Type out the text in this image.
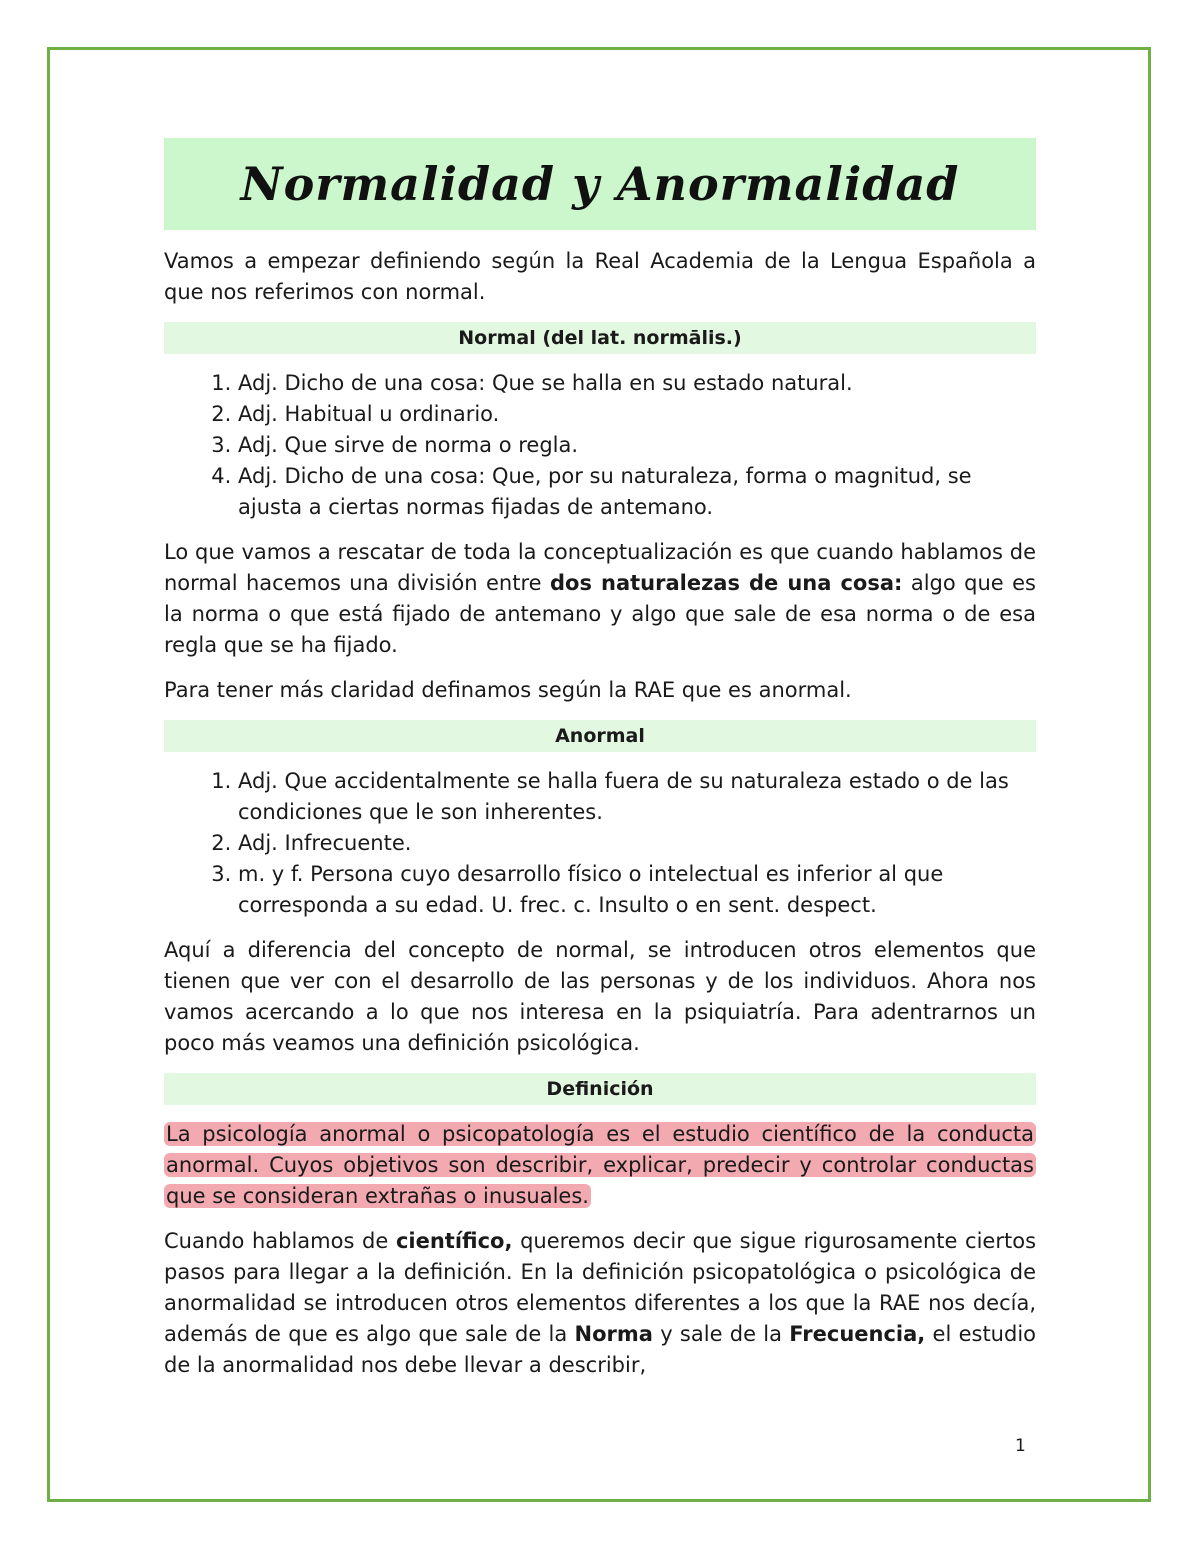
Normalidad y Anormalidad

Vamos a empezar definiendo según la Real Academia de la Lengua Española a que nos referimos con normal.

Normal (del lat. normālis.)
1. Adj. Dicho de una cosa: Que se halla en su estado natural.
2. Adj. Habitual u ordinario.
3. Adj. Que sirve de norma o regla.
4. Adj. Dicho de una cosa: Que, por su naturaleza, forma o magnitud, se ajusta a ciertas normas fijadas de antemano.

Lo que vamos a rescatar de toda la conceptualización es que cuando hablamos de normal hacemos una división entre dos naturalezas de una cosa: algo que es la norma o que está fijado de antemano y algo que sale de esa norma o de esa regla que se ha fijado.

Para tener más claridad definamos según la RAE que es anormal.

Anormal
1. Adj. Que accidentalmente se halla fuera de su naturaleza estado o de las condiciones que le son inherentes.
2. Adj. Infrecuente.
3. m. y f. Persona cuyo desarrollo físico o intelectual es inferior al que corresponda a su edad. U. frec. c. Insulto o en sent. despect.

Aquí a diferencia del concepto de normal, se introducen otros elementos que tienen que ver con el desarrollo de las personas y de los individuos. Ahora nos vamos acercando a lo que nos interesa en la psiquiatría. Para adentrarnos un poco más veamos una definición psicológica.

Definición

La psicología anormal o psicopatología es el estudio científico de la conducta anormal. Cuyos objetivos son describir, explicar, predecir y controlar conductas que se consideran extrañas o inusuales.

Cuando hablamos de científico, queremos decir que sigue rigurosamente ciertos pasos para llegar a la definición. En la definición psicopatológica o psicológica de anormalidad se introducen otros elementos diferentes a los que la RAE nos decía, además de que es algo que sale de la Norma y sale de la Frecuencia, el estudio de la anormalidad nos debe llevar a describir,

1
